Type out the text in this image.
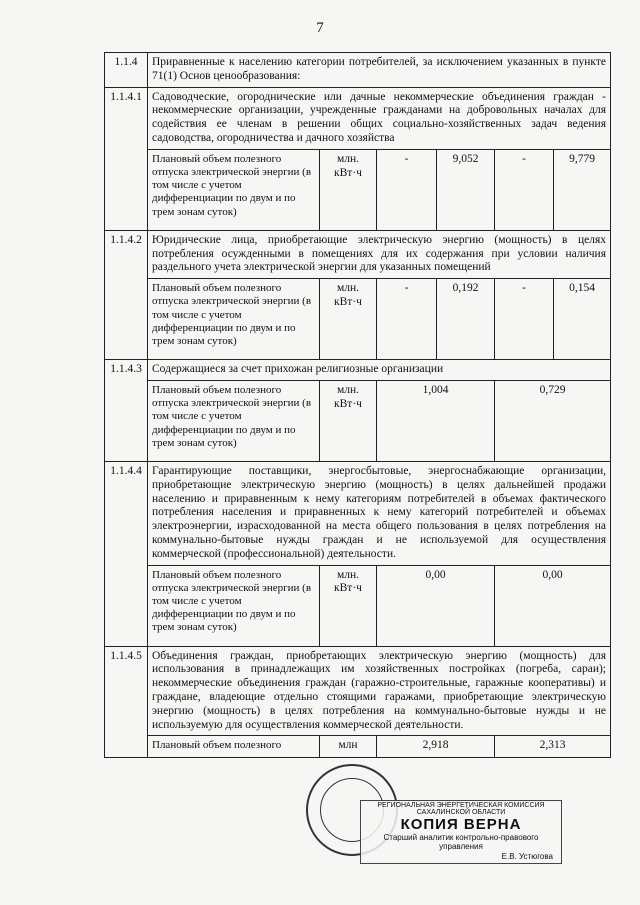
7
1.1.4	Приравненные к населению категории потребителей, за исключением указанных в пункте 71(1) Основ ценообразования:					
1.1.4.1	Садоводческие, огороднические или дачные некоммерческие объединения граждан - некоммерческие организации, учрежденные гражданами на добровольных началах для содействия ее членам в решении общих социально-хозяйственных задач ведения садоводства, огородничества и дачного хозяйства					
	Плановый объем полезного отпуска электрической энергии (в том числе с учетом дифференциации по двум и по трем зонам суток)	млн. кВт·ч	-	9,052	-	9,779
1.1.4.2	Юридические лица, приобретающие электрическую энергию (мощность) в целях потребления осужденными в помещениях для их содержания при условии наличия раздельного учета электрической энергии для указанных помещений					
	Плановый объем полезного отпуска электрической энергии (в том числе с учетом дифференциации по двум и по трем зонам суток)	млн. кВт·ч	-	0,192	-	0,154
1.1.4.3	Содержащиеся за счет прихожан религиозные организации					
	Плановый объем полезного отпуска электрической энергии (в том числе с учетом дифференциации по двум и по трем зонам суток)	млн. кВт·ч	1,004		0,729	
1.1.4.4	Гарантирующие поставщики, энергосбытовые, энергоснабжающие организации, приобретающие электрическую энергию (мощность) в целях дальнейшей продажи населению и приравненным к нему категориям потребителей в объемах фактического потребления населения и приравненных к нему категорий потребителей и объемах электроэнергии, израсходованной на места общего пользования в целях потребления на коммунально-бытовые нужды граждан и не используемой для осуществления коммерческой (профессиональной) деятельности.					
	Плановый объем полезного отпуска электрической энергии (в том числе с учетом дифференциации по двум и по трем зонам суток)	млн. кВт·ч	0,00		0,00	
1.1.4.5	Объединения граждан, приобретающих электрическую энергию (мощность) для использования в принадлежащих им хозяйственных постройках (погреба, сараи); некоммерческие объединения граждан (гаражно-строительные, гаражные кооперативы) и граждане, владеющие отдельно стоящими гаражами, приобретающие электрическую энергию (мощность) в целях потребления на коммунально-бытовые нужды и не используемую для осуществления коммерческой деятельности.					
	Плановый объем полезного	млн	2,918		2,313	
РЕГИОНАЛЬНАЯ ЭНЕРГЕТИЧЕСКАЯ КОМИССИЯ САХАЛИНСКОЙ ОБЛАСТИ
КОПИЯ ВЕРНА
Старший аналитик контрольно-правового управления
Е.В. Устюгова
